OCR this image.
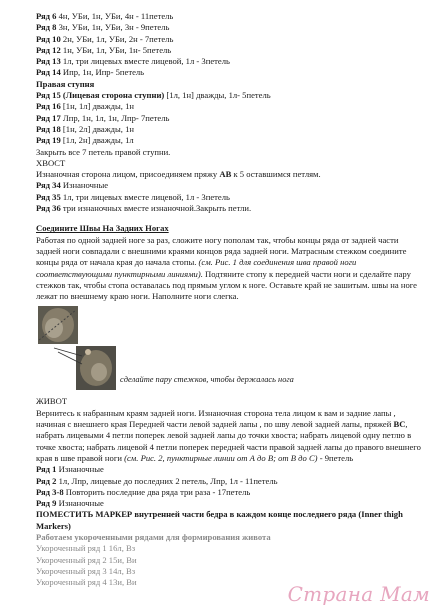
Ряд 6 4н, УБи, 1н, УБи, 4н - 11петель
Ряд 8 3н, УБи, 1н, УБи, 3н - 9петель
Ряд 10 2н, УБи, 1л, УБи, 2н - 7петель
Ряд 12 1н, УБи, 1л, УБи, 1н- 5петель
Ряд 13 1л, три лицевых вместе лицевой, 1л - 3петель
Ряд 14 Ипр, 1н, Ипр- 5петель
Правая ступня
Ряд 15 (Лицевая сторона ступни) [1л, 1н] дважды, 1л- 5петель
Ряд 16 [1н, 1л] дважды, 1н
Ряд 17 Лпр, 1н, 1л, 1н, Лпр- 7петель
Ряд 18 [1н, 2л] дважды, 1н
Ряд 19 [1л, 2н] дважды, 1л
Закрыть все 7 петель правой ступни.
ХВОСТ
Изнаночная сторона лицом, присоединяем пряжу АВ к 5 оставшимся петлям.
Ряд 34 Изнаночные
Ряд 35 1л, три лицевых вместе лицевой, 1л - 3петель
Ряд 36 три изнаночных вместе изнаночной.Закрыть петли.
Соедините Швы На Задних Ногах
Работая по одной задней ноге за раз, сложите ногу пополам так, чтобы концы ряда от задней части задней ноги совпадали с внешними краями концов ряда задней ноги. Матрасным стежком соедините концы ряда от начала края до начала стопы. (см. Рис. 1 для соединения шва правой ноги соответствующими пунктирными линиями). Подтяните стопу к передней части ноги и сделайте пару стежков так, чтобы стопа оставалась под прямым углом к ноге. Оставьте край не зашитым. швы на ноге лежат по внешнему краю ноги. Наполните ноги слегка.
сделайте пару стежков, чтобы держалась нога
ЖИВОТ
Вернитесь к набранным краям задней ноги. Изнаночная сторона тела лицом к вам и задние лапы , начиная с внешнего края Передней части левой задней лапы , по шву левой задней лапы, пряжей ВС, набрать лицевыми 4 петли поперек левой задней лапы до точки хвоста; набрать лицевой одну петлю в точке хвоста; набрать лицевой 4 петли поперек передней части правой задней лапы до правого внешнего края в шве правой ноги (см. Рис. 2, пунктирные линии от А до В; от В до С) - 9петель
Ряд 1 Изнаночные
Ряд 2 1л, Лпр, лицевые до последних 2 петель, Лпр, 1л - 11петель
Ряд 3-8 Повторить последние два ряда три раза - 17петель
Ряд 9 Изнаночные
ПОМЕСТИТЬ МАРКЕР внутренней части бедра в каждом конце последнего ряда (Inner thigh Markers)
Работаем укороченными рядами для формирования живота
Укороченный ряд 1 16л, Вз
Укороченный ряд 2 15и, Ви
Укороченный ряд 3 14л, Вз
Укороченный ряд 4 13и, Ви	Страна Мам
